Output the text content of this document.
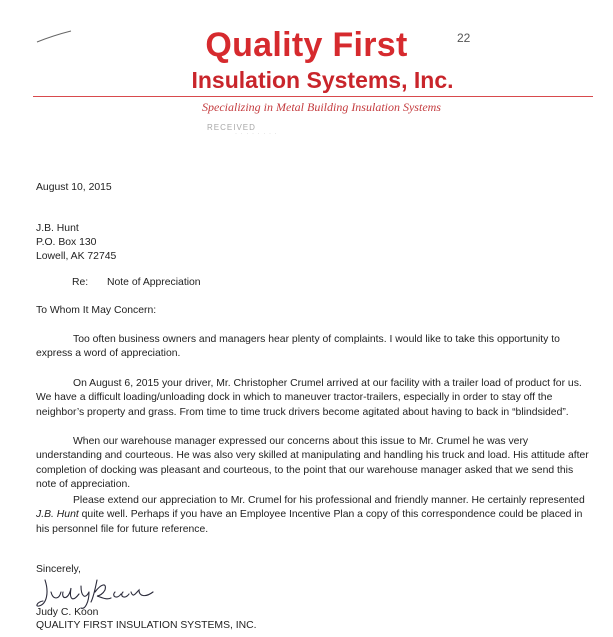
22
Quality First
Insulation Systems, Inc.
Specializing in Metal Building Insulation Systems
RECEIVED
· · · · · · · ·
August 10, 2015
J.B. Hunt
P.O. Box 130
Lowell, AK 72745
Re: Note of Appreciation
To Whom It May Concern:
Too often business owners and managers hear plenty of complaints. I would like to take this opportunity to express a word of appreciation.
On August 6, 2015 your driver, Mr. Christopher Crumel arrived at our facility with a trailer load of product for us. We have a difficult loading/unloading dock in which to maneuver tractor-trailers, especially in order to stay off the neighbor’s property and grass. From time to time truck drivers become agitated about having to back in “blindsided”.
When our warehouse manager expressed our concerns about this issue to Mr. Crumel he was very understanding and courteous. He was also very skilled at manipulating and handling his truck and load. His attitude after completion of docking was pleasant and courteous, to the point that our warehouse manager asked that we send this note of appreciation.
Please extend our appreciation to Mr. Crumel for his professional and friendly manner. He certainly represented J.B. Hunt quite well. Perhaps if you have an Employee Incentive Plan a copy of this correspondence could be placed in his personnel file for future reference.
Sincerely,
Judy C. Koon
QUALITY FIRST INSULATION SYSTEMS, INC.
